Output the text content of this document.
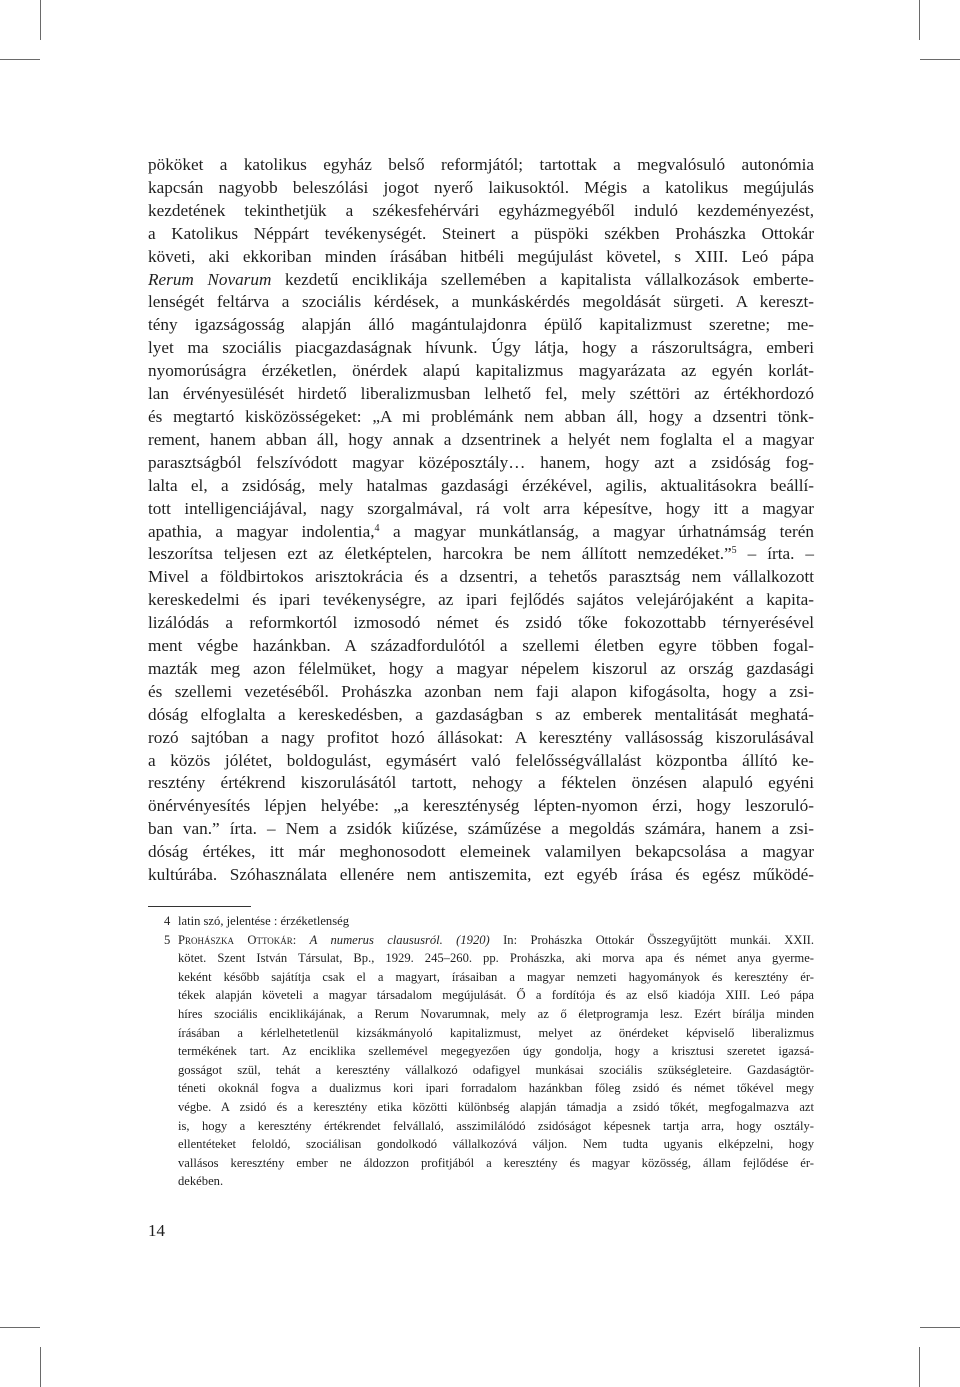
pököket a katolikus egyház belső reformjától; tartottak a megvalósuló autonómia
kapcsán nagyobb beleszólási jogot nyerő laikusoktól. Mégis a katolikus megújulás
kezdetének tekinthetjük a székesfehérvári egyházmegyéből induló kezdeményezést,
a Katolikus Néppárt tevékenységét. Steinert a püspöki székben Prohászka Ottokár
követi, aki ekkoriban minden írásában hitbéli megújulást követel, s XIII. Leó pápa
Rerum Novarum kezdetű enciklikája szellemében a kapitalista vállalkozások emberte-
lenségét feltárva a szociális kérdések, a munkáskérdés megoldását sürgeti. A kereszt-
tény igazságosság alapján álló magántulajdonra épülő kapitalizmust szeretne; me-
lyet ma szociális piacgazdaságnak hívunk. Úgy látja, hogy a rászorultságra, emberi
nyomorúságra érzéketlen, önérdek alapú kapitalizmus magyarázata az egyén korlát-
lan érvényesülését hirdető liberalizmusban lelhető fel, mely széttöri az értékhordozó
és megtartó kisközösségeket: „A mi problémánk nem abban áll, hogy a dzsentri tönk-
rement, hanem abban áll, hogy annak a dzsentrinek a helyét nem foglalta el a magyar
parasztságból felszívódott magyar középosztály… hanem, hogy azt a zsidóság fog-
lalta el, a zsidóság, mely hatalmas gazdasági érzékével, agilis, aktualitásokra beállí-
tott intelligenciájával, nagy szorgalmával, rá volt arra képesítve, hogy itt a magyar
apathia, a magyar indolentia,$^4$ a magyar munkátlanság, a magyar úrhatnámság terén
leszorítsa teljesen ezt az életképtelen, harcokra be nem állított nemzedéket.”$^5$ – írta. –
Mivel a földbirtokos arisztokrácia és a dzsentri, a tehetős parasztság nem vállalkozott
kereskedelmi és ipari tevékenységre, az ipari fejlődés sajátos velejárójaként a kapita-
lizálódás a reformkortól izmosodó német és zsidó tőke fokozottabb térnyerésével
ment végbe hazánkban. A századfordulótól a szellemi életben egyre többen fogal-
mazták meg azon félelmüket, hogy a magyar népelem kiszorul az ország gazdasági
és szellemi vezetéséből. Prohászka azonban nem faji alapon kifogásolta, hogy a zsi-
dóság elfoglalta a kereskedésben, a gazdaságban s az emberek mentalitását meghatá-
rozó sajtóban a nagy profitot hozó állásokat: A keresztény vallásosság kiszorulásával
a közös jólétet, boldogulást, egymásért való felelősségvállalást központba állító ke-
resztény értékrend kiszorulásától tartott, nehogy a féktelen önzésen alapuló egyéni
önérvényesítés lépjen helyébe: „a kereszténység lépten-nyomon érzi, hogy leszoruló-
ban van.” írta. – Nem a zsidók kiűzése, száműzése a megoldás számára, hanem a zsi-
dóság értékes, itt már meghonosodott elemeinek valamilyen bekapcsolása a magyar
kultúrába. Szóhasználata ellenére nem antiszemita, ezt egyéb írása és egész működé-
4 latin szó, jelentése : érzéketlenség
5 Prohászka Ottokár: A numerus claususról. (1920) In: Prohászka Ottokár Összegyűjtött munkái. XXII.
kötet. Szent István Társulat, Bp., 1929. 245–260. pp. Prohászka, aki morva apa és német anya gyerme-
keként később sajátítja csak el a magyart, írásaiban a magyar nemzeti hagyományok és keresztény ér-
tékek alapján követeli a magyar társadalom megújulását. Ő a fordítója és az első kiadója XIII. Leó pápa
híres szociális enciklikájának, a Rerum Novarumnak, mely az ő életprogramja lesz. Ezért bírálja minden
írásában a kérlelhetetlenül kizsákmányoló kapitalizmust, melyet az önérdeket képviselő liberalizmus
termékének tart. Az enciklika szellemével megegyezően úgy gondolja, hogy a krisztusi szeretet igazsá-
gosságot szül, tehát a keresztény vállalkozó odafigyel munkásai szociális szükségleteire. Gazdaságtör-
téneti okoknál fogva a dualizmus kori ipari forradalom hazánkban főleg zsidó és német tőkével megy
végbe. A zsidó és a keresztény etika közötti különbség alapján támadja a zsidó tőkét, megfogalmazva azt
is, hogy a keresztény értékrendet felvállaló, asszimilálódó zsidóságot képesnek tartja arra, hogy osztály-
ellentéteket feloldó, szociálisan gondolkodó vállalkozóvá váljon. Nem tudta ugyanis elképzelni, hogy
vallásos keresztény ember ne áldozzon profitjából a keresztény és magyar közösség, állam fejlődése ér-
dekében.
14
